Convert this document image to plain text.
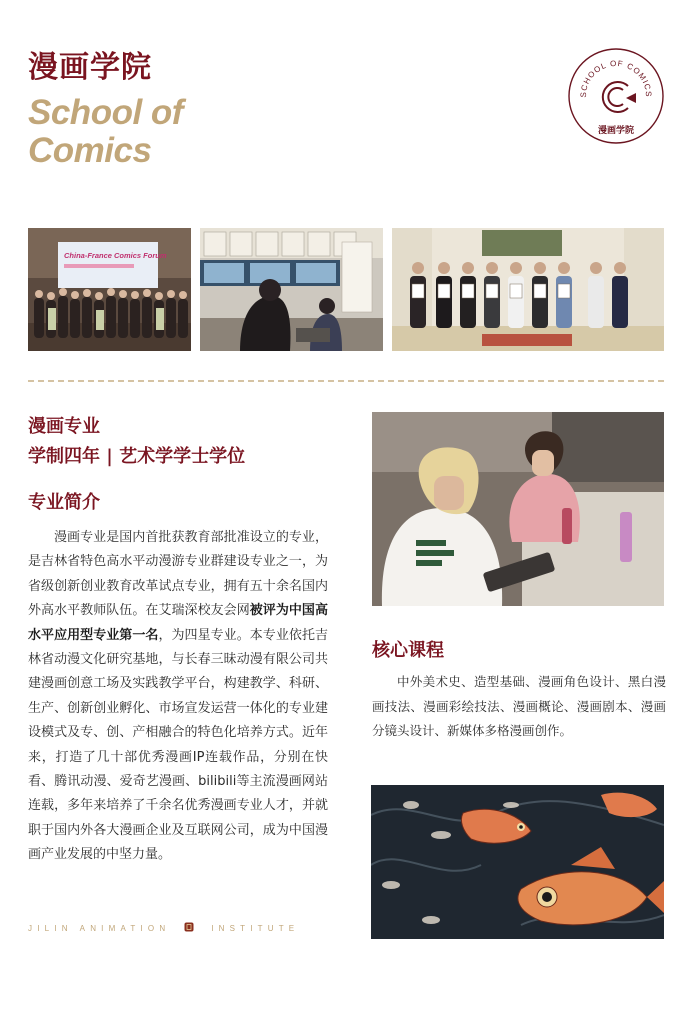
漫画学院
School of
Comics
SCHOOL OF COMICS
漫画学院
China-France Comics Forum
漫画专业
学制四年 | 艺术学学士学位
专业简介

漫画专业是国内首批获教育部批准设立的专业，是吉林省特色高水平动漫游专业群建设专业之一，为省级创新创业教育改革试点专业，拥有五十余名国内外高水平教师队伍。在艾瑞深校友会网被评为中国高水平应用型专业第一名，为四星专业。本专业依托吉林省动漫文化研究基地，与长春三昧动漫有限公司共建漫画创意工场及实践教学平台，构建教学、科研、生产、创新创业孵化、市场宣发运营一体化的专业建设模式及专、创、产相融合的特色化培养方式。近年来，打造了几十部优秀漫画IP连载作品，分别在快看、腾讯动漫、爱奇艺漫画、bilibili等主流漫画网站连载，多年来培养了千余名优秀漫画专业人才，并就职于国内外各大漫画企业及互联网公司，成为中国漫画产业发展的中坚力量。

JILIN ANIMATION	INSTITUTE
核心课程

中外美术史、造型基础、漫画角色设计、黑白漫画技法、漫画彩绘技法、漫画概论、漫画剧本、漫画分镜头设计、新媒体多格漫画创作。
